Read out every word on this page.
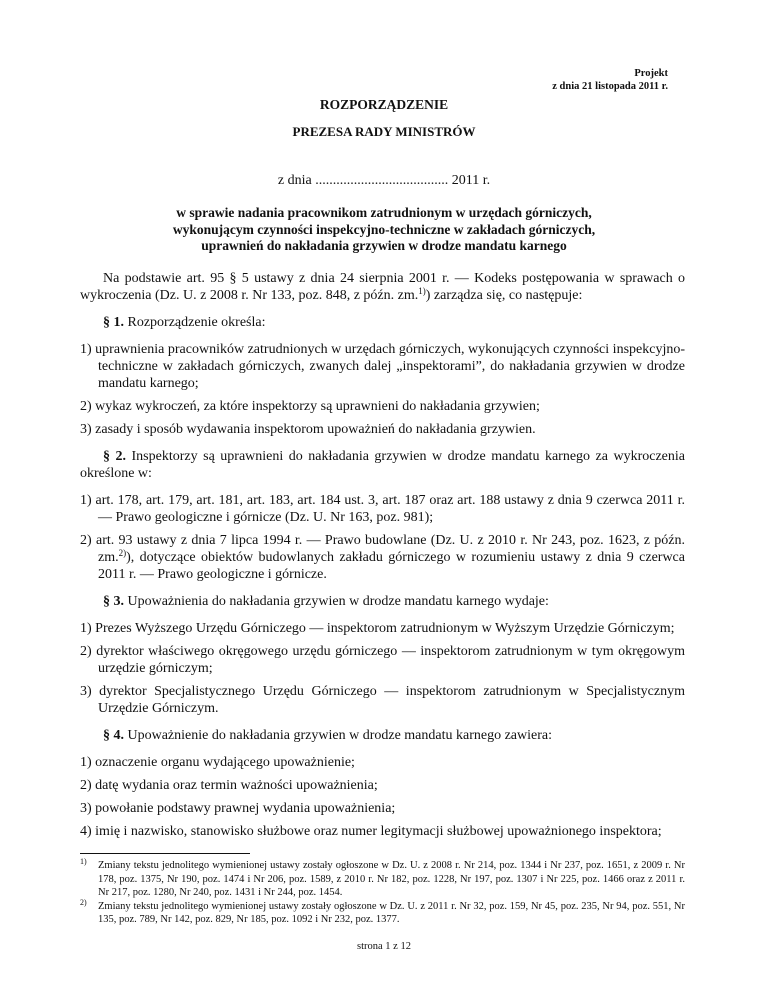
Projekt
z dnia 21 listopada 2011 r.
ROZPORZĄDZENIE
PREZESA RADY MINISTRÓW
z dnia ...................................... 2011 r.
w sprawie nadania pracownikom zatrudnionym w urzędach górniczych,
wykonującym czynności inspekcyjno-techniczne w zakładach górniczych,
uprawnień do nakładania grzywien w drodze mandatu karnego

Na podstawie art. 95 § 5 ustawy z dnia 24 sierpnia 2001 r. — Kodeks postępowania w sprawach o wykroczenia (Dz. U. z 2008 r. Nr 133, poz. 848, z późn. zm.$^{1)}$) zarządza się, co następuje:

§ 1. Rozporządzenie określa:

1) uprawnienia pracowników zatrudnionych w urzędach górniczych, wykonujących czynności inspekcyjno-techniczne w zakładach górniczych, zwanych dalej „inspektorami”, do nakładania grzywien w drodze mandatu karnego;

2) wykaz wykroczeń, za które inspektorzy są uprawnieni do nakładania grzywien;

3) zasady i sposób wydawania inspektorom upoważnień do nakładania grzywien.

§ 2. Inspektorzy są uprawnieni do nakładania grzywien w drodze mandatu karnego za wykroczenia określone w:

1) art. 178, art. 179, art. 181, art. 183, art. 184 ust. 3, art. 187 oraz art. 188 ustawy z dnia 9 czerwca 2011 r. — Prawo geologiczne i górnicze (Dz. U. Nr 163, poz. 981);

2) art. 93 ustawy z dnia 7 lipca 1994 r. — Prawo budowlane (Dz. U. z 2010 r. Nr 243, poz. 1623, z późn. zm.$^{2)}$), dotyczące obiektów budowlanych zakładu górniczego w rozumieniu ustawy z dnia 9 czerwca 2011 r. — Prawo geologiczne i górnicze.

§ 3. Upoważnienia do nakładania grzywien w drodze mandatu karnego wydaje:

1) Prezes Wyższego Urzędu Górniczego — inspektorom zatrudnionym w Wyższym Urzędzie Górniczym;

2) dyrektor właściwego okręgowego urzędu górniczego — inspektorom zatrudnionym w tym okręgowym urzędzie górniczym;

3) dyrektor Specjalistycznego Urzędu Górniczego — inspektorom zatrudnionym w Specjalistycznym Urzędzie Górniczym.

§ 4. Upoważnienie do nakładania grzywien w drodze mandatu karnego zawiera:

1) oznaczenie organu wydającego upoważnienie;

2) datę wydania oraz termin ważności upoważnienia;

3) powołanie podstawy prawnej wydania upoważnienia;

4) imię i nazwisko, stanowisko służbowe oraz numer legitymacji służbowej upoważnionego inspektora;

1) Zmiany tekstu jednolitego wymienionej ustawy zostały ogłoszone w Dz. U. z 2008 r. Nr 214, poz. 1344 i Nr 237, poz. 1651, z 2009 r. Nr 178, poz. 1375, Nr 190, poz. 1474 i Nr 206, poz. 1589, z 2010 r. Nr 182, poz. 1228, Nr 197, poz. 1307 i Nr 225, poz. 1466 oraz z 2011 r. Nr 217, poz. 1280, Nr 240, poz. 1431 i Nr 244, poz. 1454.

2) Zmiany tekstu jednolitego wymienionej ustawy zostały ogłoszone w Dz. U. z 2011 r. Nr 32, poz. 159, Nr 45, poz. 235, Nr 94, poz. 551, Nr 135, poz. 789, Nr 142, poz. 829, Nr 185, poz. 1092 i Nr 232, poz. 1377.

strona 1 z 12
